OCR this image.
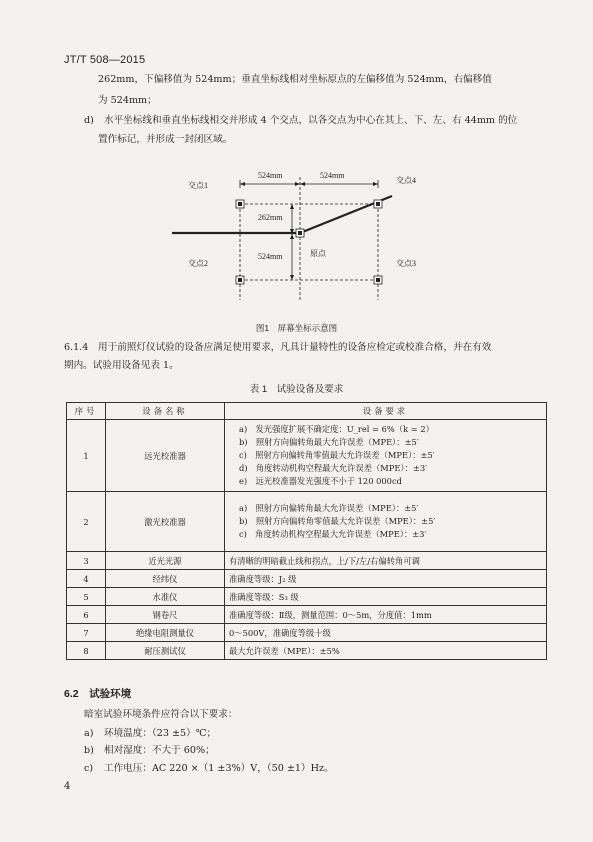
JT/T 508—2015
262mm，下偏移值为 524mm；垂直坐标线相对坐标原点的左偏移值为 524mm，右偏移值
为 524mm；
d) 水平坐标线和垂直坐标线相交并形成 4 个交点，以各交点为中心在其上、下、左、右 44mm 的位
置作标记，并形成一封闭区域。
524mm	524mm
262mm
524mm
交点1
交点4
交点2	交点3
原点
图1　屏幕坐标示意图
6.1.4　用于前照灯仪试验的设备应满足使用要求，凡具计量特性的设备应检定或校准合格，并在有效
期内。试验用设备见表 1。
表 1　试验设备及要求
序号	设备名称	设备要求
1	远光校准器	a)　发光强度扩展不确定度：U_rel = 6%（k = 2）
b)　照射方向偏转角最大允许误差（MPE）：±5′
c)　照射方向偏转角零值最大允许误差（MPE）：±5′
d)　角度转动机构空程最大允许误差（MPE）：±3′
e)　远光校准器发光强度不小于 120 000cd

2	激光校准器	a)　照射方向偏转角最大允许误差（MPE）：±5′
b)　照射方向偏转角零值最大允许误差（MPE）：±5′
c)　角度转动机构空程最大允许误差（MPE）：±3′

3	近光光源	有清晰的明暗截止线和拐点，上/下/左/右偏转角可调
4	经纬仪	准确度等级：J₂ 级
5	水准仪	准确度等级：S₃ 级
6	钢卷尺	准确度等级：Ⅱ级，测量范围：0～5m，分度值：1mm
7	绝缘电阻测量仪	0～500V，准确度等级十级
8	耐压测试仪	最大允许误差（MPE）：±5%
6.2　试验环境
暗室试验环境条件应符合以下要求：
a) 环境温度：（23 ±5）℃；
b) 相对湿度：不大于 60%；
c) 工作电压：AC 220 ×（1 ±3%）V，（50 ±1）Hz。
4
